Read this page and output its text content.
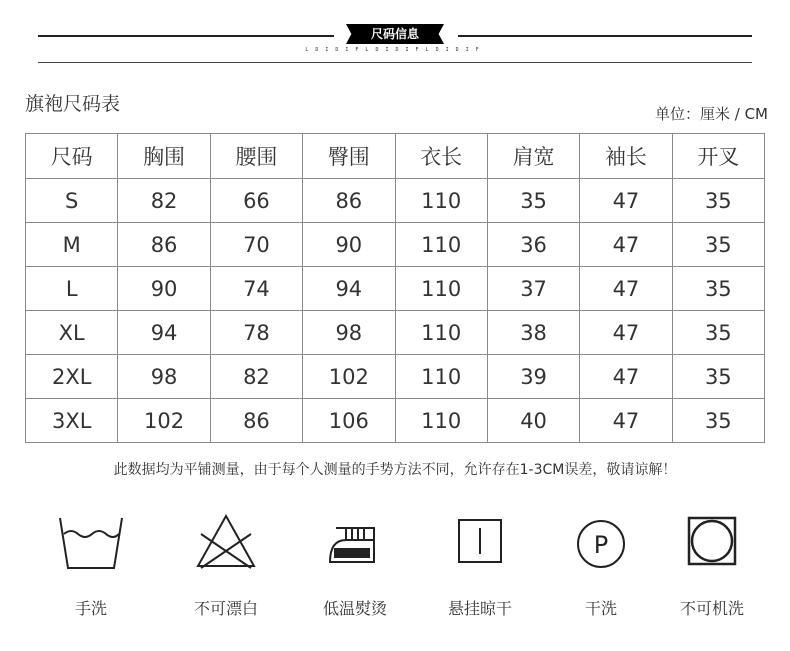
尺码信息
L D I D I F L D I D I F L D I D I F
旗袍尺码表	单位：厘米 / CM
尺码	胸围	腰围	臀围	衣长	肩宽	袖长	开叉
S	82	66	86	110	35	47	35
M	86	70	90	110	36	47	35
L	90	74	94	110	37	47	35
XL	94	78	98	110	38	47	35
2XL	98	82	102	110	39	47	35
3XL	102	86	106	110	40	47	35
此数据均为平铺测量，由于每个人测量的手势方法不同，允许存在1-3CM误差，敬请谅解！
手洗	不可漂白	低温熨烫	悬挂晾干
P
干洗	不可机洗
